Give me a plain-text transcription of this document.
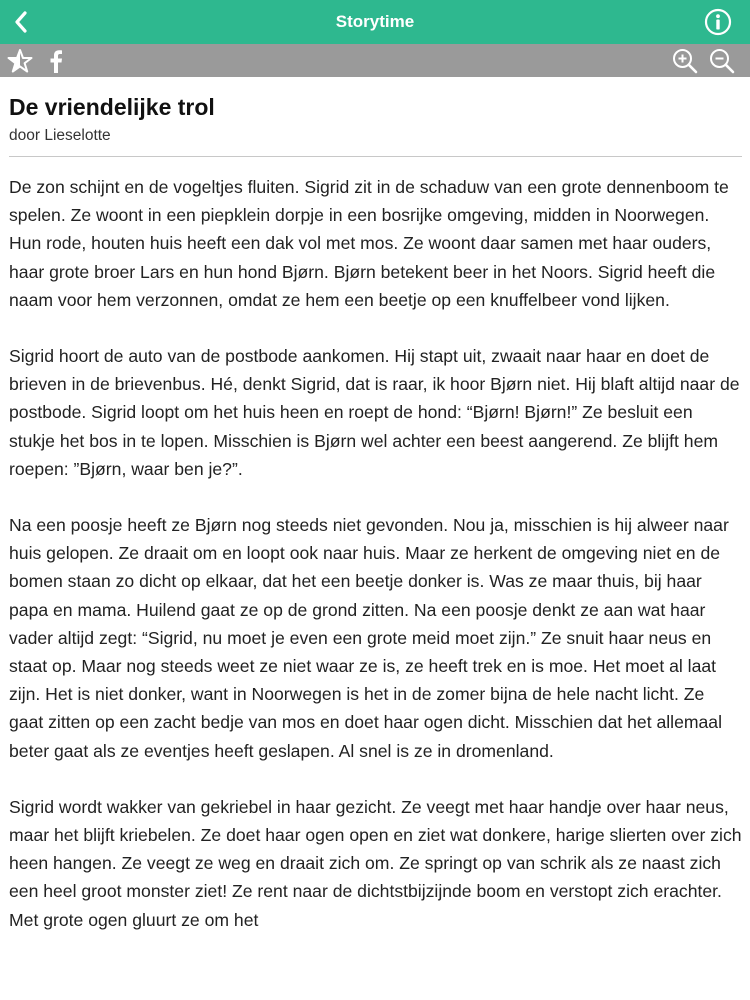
Storytime
De vriendelijke trol
door Lieselotte

De zon schijnt en de vogeltjes fluiten. Sigrid zit in de schaduw van een grote dennenboom te spelen. Ze woont in een piepklein dorpje in een bosrijke omgeving, midden in Noorwegen. Hun rode, houten huis heeft een dak vol met mos. Ze woont daar samen met haar ouders, haar grote broer Lars en hun hond Bjørn. Bjørn betekent beer in het Noors. Sigrid heeft die naam voor hem verzonnen, omdat ze hem een beetje op een knuffelbeer vond lijken.

Sigrid hoort de auto van de postbode aankomen. Hij stapt uit, zwaait naar haar en doet de brieven in de brievenbus. Hé, denkt Sigrid, dat is raar, ik hoor Bjørn niet. Hij blaft altijd naar de postbode. Sigrid loopt om het huis heen en roept de hond: “Bjørn! Bjørn!” Ze besluit een stukje het bos in te lopen. Misschien is Bjørn wel achter een beest aangerend. Ze blijft hem roepen: ”Bjørn, waar ben je?”.

Na een poosje heeft ze Bjørn nog steeds niet gevonden. Nou ja, misschien is hij alweer naar huis gelopen. Ze draait om en loopt ook naar huis. Maar ze herkent de omgeving niet en de bomen staan zo dicht op elkaar, dat het een beetje donker is. Was ze maar thuis, bij haar papa en mama. Huilend gaat ze op de grond zitten. Na een poosje denkt ze aan wat haar vader altijd zegt: “Sigrid, nu moet je even een grote meid moet zijn.” Ze snuit haar neus en staat op. Maar nog steeds weet ze niet waar ze is, ze heeft trek en is moe. Het moet al laat zijn. Het is niet donker, want in Noorwegen is het in de zomer bijna de hele nacht licht. Ze gaat zitten op een zacht bedje van mos en doet haar ogen dicht. Misschien dat het allemaal beter gaat als ze eventjes heeft geslapen. Al snel is ze in dromenland.

Sigrid wordt wakker van gekriebel in haar gezicht. Ze veegt met haar handje over haar neus, maar het blijft kriebelen. Ze doet haar ogen open en ziet wat donkere, harige slierten over zich heen hangen. Ze veegt ze weg en draait zich om. Ze springt op van schrik als ze naast zich een heel groot monster ziet! Ze rent naar de dichtstbijzijnde boom en verstopt zich erachter. Met grote ogen gluurt ze om het
